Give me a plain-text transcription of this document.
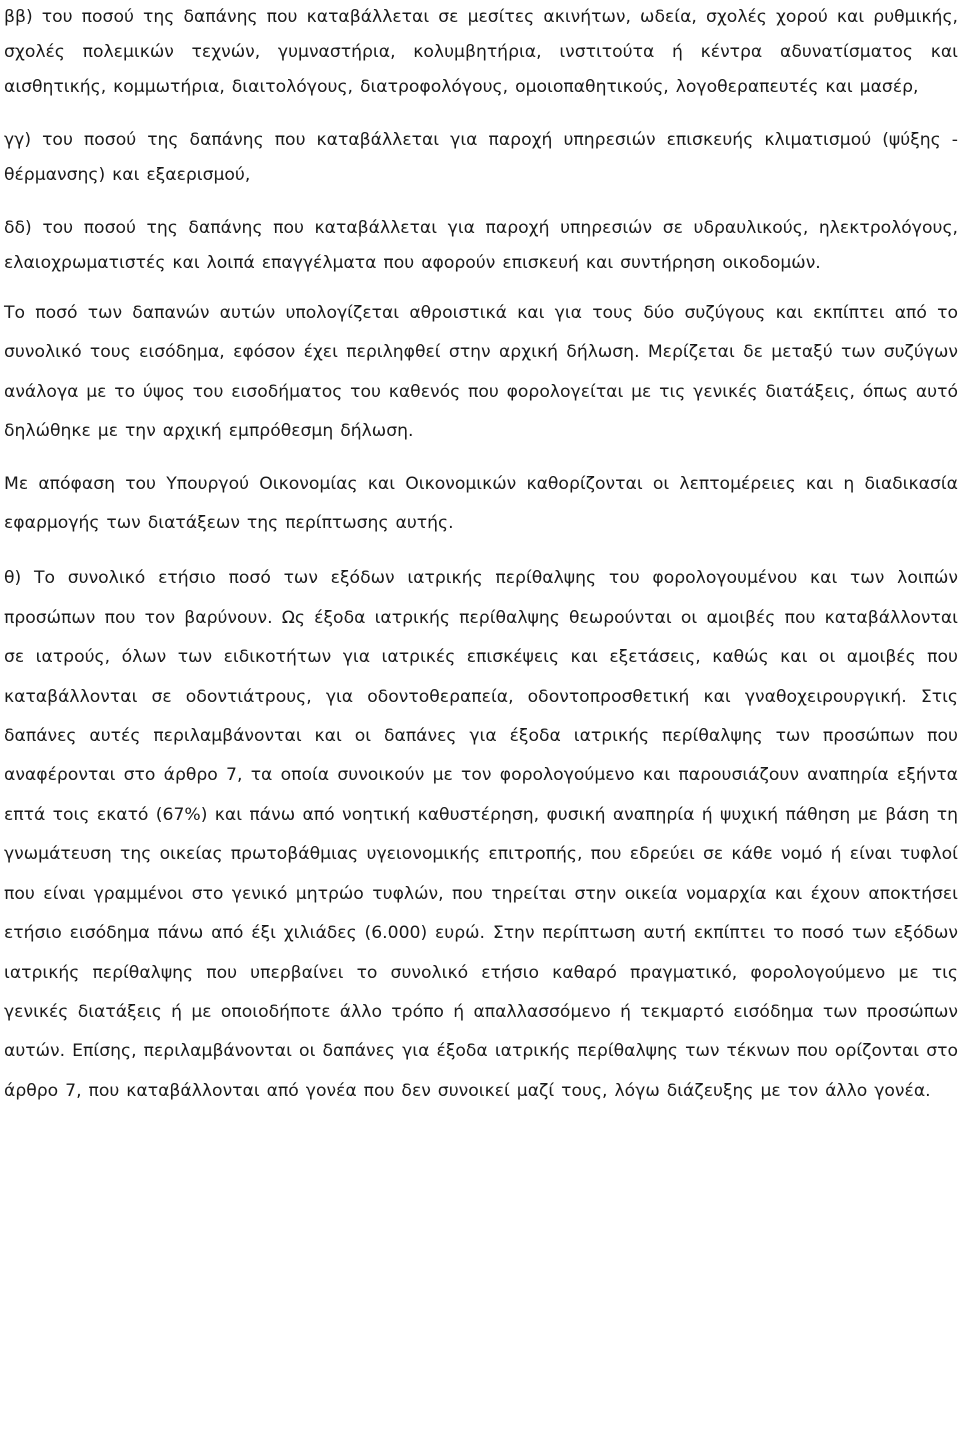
ββ) του ποσού της δαπάνης που καταβάλλεται σε μεσίτες ακινήτων, ωδεία, σχολές χορού και ρυθμικής, σχολές πολεμικών τεχνών, γυμναστήρια, κολυμβητήρια, ινστιτούτα ή κέντρα αδυνατίσματος και αισθητικής, κομμωτήρια, διαιτολόγους, διατροφολόγους, ομοιοπαθητικούς, λογοθεραπευτές και μασέρ,

γγ) του ποσού της δαπάνης που καταβάλλεται για παροχή υπηρεσιών επισκευής κλιματισμού (ψύξης - θέρμανσης) και εξαερισμού,

δδ) του ποσού της δαπάνης που καταβάλλεται για παροχή υπηρεσιών σε υδραυλικούς, ηλεκτρολόγους, ελαιοχρωματιστές και λοιπά επαγγέλματα που αφορούν επισκευή και συντήρηση οικοδομών.

Το ποσό των δαπανών αυτών υπολογίζεται αθροιστικά και για τους δύο συζύγους και εκπίπτει από το συνολικό τους εισόδημα, εφόσον έχει περιληφθεί στην αρχική δήλωση. Μερίζεται δε μεταξύ των συζύγων ανάλογα με το ύψος του εισοδήματος του καθενός που φορολογείται με τις γενικές διατάξεις, όπως αυτό δηλώθηκε με την αρχική εμπρόθεσμη δήλωση.

Με απόφαση του Υπουργού Οικονομίας και Οικονομικών καθορίζονται οι λεπτομέρειες και η διαδικασία εφαρμογής των διατάξεων της περίπτωσης αυτής.

θ) Το συνολικό ετήσιο ποσό των εξόδων ιατρικής περίθαλψης του φορολογουμένου και των λοιπών προσώπων που τον βαρύνουν. Ως έξοδα ιατρικής περίθαλψης θεωρούνται οι αμοιβές που καταβάλλονται σε ιατρούς, όλων των ειδικοτήτων για ιατρικές επισκέψεις και εξετάσεις, καθώς και οι αμοιβές που καταβάλλονται σε οδοντιάτρους, για οδοντοθεραπεία, οδοντοπροσθετική και γναθοχειρουργική. Στις δαπάνες αυτές περιλαμβάνονται και οι δαπάνες για έξοδα ιατρικής περίθαλψης των προσώπων που αναφέρονται στο άρθρο 7, τα οποία συνοικούν με τον φορολογούμενο και παρουσιάζουν αναπηρία εξήντα επτά τοις εκατό (67%) και πάνω από νοητική καθυστέρηση, φυσική αναπηρία ή ψυχική πάθηση με βάση τη γνωμάτευση της οικείας πρωτοβάθμιας υγειονομικής επιτροπής, που εδρεύει σε κάθε νομό ή είναι τυφλοί που είναι γραμμένοι στο γενικό μητρώο τυφλών, που τηρείται στην οικεία νομαρχία και έχουν αποκτήσει ετήσιο εισόδημα πάνω από έξι χιλιάδες (6.000) ευρώ. Στην περίπτωση αυτή εκπίπτει το ποσό των εξόδων ιατρικής περίθαλψης που υπερβαίνει το συνολικό ετήσιο καθαρό πραγματικό, φορολογούμενο με τις γενικές διατάξεις ή με οποιοδήποτε άλλο τρόπο ή απαλλασσόμενο ή τεκμαρτό εισόδημα των προσώπων αυτών. Επίσης, περιλαμβάνονται οι δαπάνες για έξοδα ιατρικής περίθαλψης των τέκνων που ορίζονται στο άρθρο 7, που καταβάλλονται από γονέα που δεν συνοικεί μαζί τους, λόγω διάζευξης με τον άλλο γονέα.
